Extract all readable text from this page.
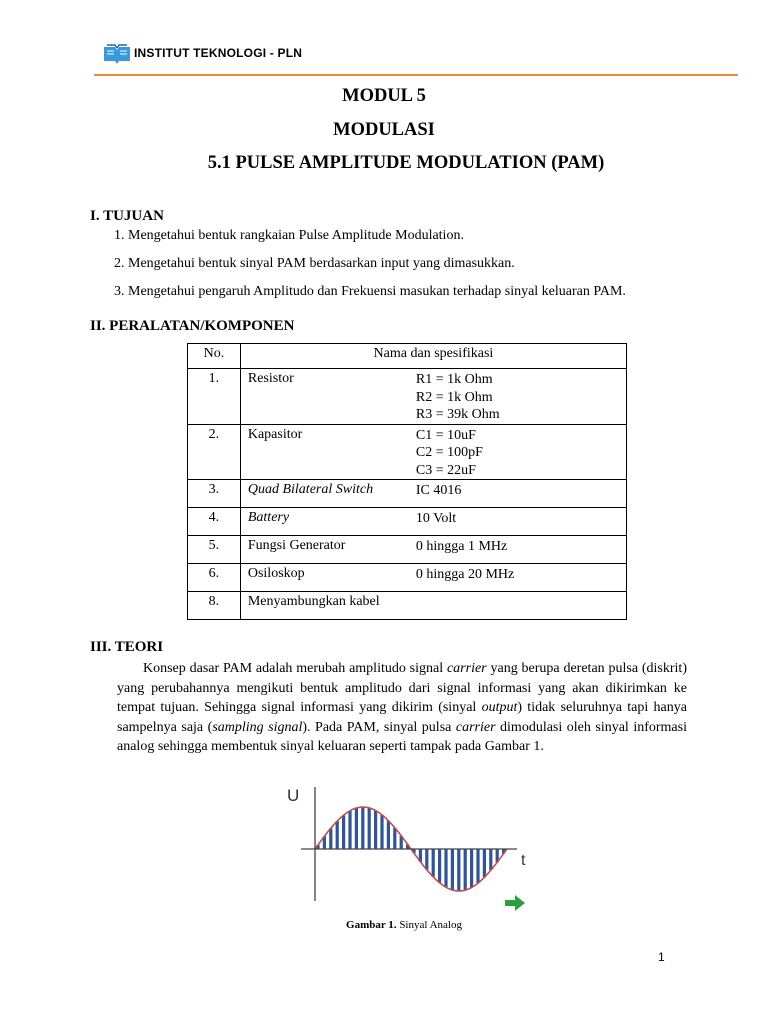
INSTITUT TEKNOLOGI - PLN
MODUL 5
MODULASI
5.1 PULSE AMPLITUDE MODULATION (PAM)
I. TUJUAN
1. Mengetahui bentuk rangkaian Pulse Amplitude Modulation.
2. Mengetahui bentuk sinyal PAM berdasarkan input yang dimasukkan.
3. Mengetahui pengaruh Amplitudo dan Frekuensi masukan terhadap sinyal keluaran PAM.
II. PERALATAN/KOMPONEN
No.	Nama dan spesifikasi
1.	Resistor R1 = 1k Ohm
R2 = 1k Ohm
R3 = 39k Ohm
2.	Kapasitor C1 = 10uF
C2 = 100pF
C3 = 22uF
3.	Quad Bilateral Switch IC 4016
4.	Battery 10 Volt
5.	Fungsi Generator 0 hingga 1 MHz
6.	Osiloskop 0 hingga 20 MHz
8.	Menyambungkan kabel
III. TEORI

Konsep dasar PAM adalah merubah amplitudo signal carrier yang berupa deretan pulsa (diskrit) yang perubahannya mengikuti bentuk amplitudo dari signal informasi yang akan dikirimkan ke tempat tujuan. Sehingga signal informasi yang dikirim (sinyal output) tidak seluruhnya tapi hanya sampelnya saja (sampling signal). Pada PAM, sinyal pulsa carrier dimodulasi oleh sinyal informasi analog sehingga membentuk sinyal keluaran seperti tampak pada Gambar 1.

U
t
Gambar 1. Sinyal Analog
1
